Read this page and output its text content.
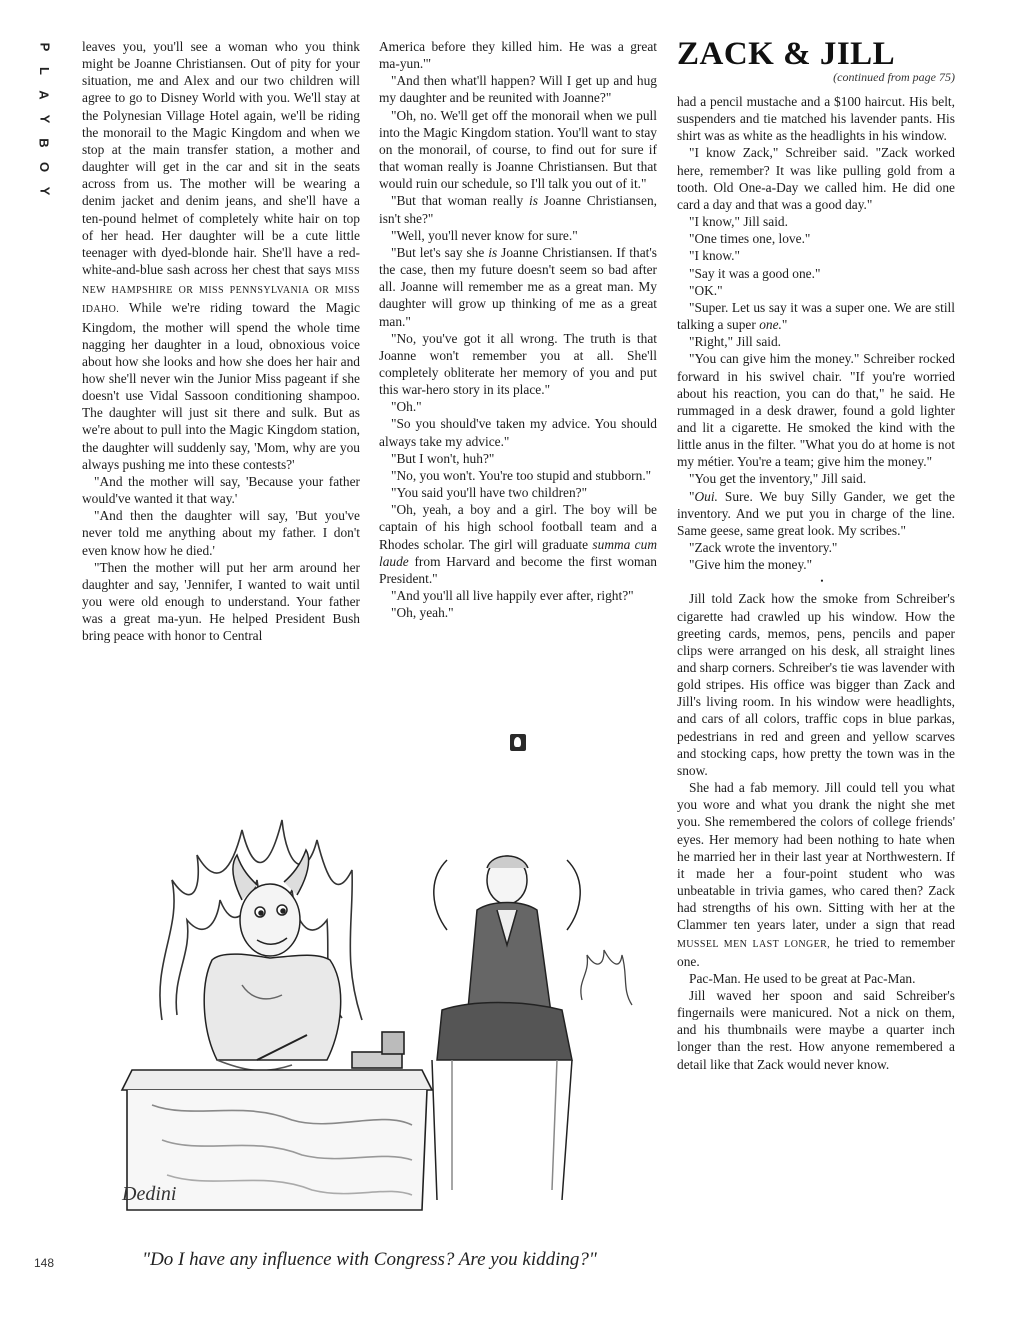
P
L
A
Y
B
O
Y

leaves you, you'll see a woman who you think might be Joanne Christiansen. Out of pity for your situation, me and Alex and our two children will agree to go to Disney World with you. We'll stay at the Polynesian Village Hotel again, we'll be riding the monorail to the Magic Kingdom and when we stop at the main transfer station, a mother and daughter will get in the car and sit in the seats across from us. The mother will be wearing a denim jacket and denim jeans, and she'll have a ten-pound helmet of completely white hair on top of her head. Her daughter will be a cute little teenager with dyed-blonde hair. She'll have a red-white-and-blue sash across her chest that says MISS NEW HAMPSHIRE OR MISS PENNSYLVANIA OR MISS IDAHO. While we're riding toward the Magic Kingdom, the mother will spend the whole time nagging her daughter in a loud, obnoxious voice about how she looks and how she does her hair and how she'll never win the Junior Miss pageant if she doesn't use Vidal Sassoon conditioning shampoo. The daughter will just sit there and sulk. But as we're about to pull into the Magic Kingdom station, the daughter will suddenly say, 'Mom, why are you always pushing me into these contests?'

"And the mother will say, 'Because your father would've wanted it that way.'

"And then the daughter will say, 'But you've never told me anything about my father. I don't even know how he died.'

"Then the mother will put her arm around her daughter and say, 'Jennifer, I wanted to wait until you were old enough to understand. Your father was a great ma-yun. He helped President Bush bring peace with honor to Central

America before they killed him. He was a great ma-yun.'"

"And then what'll happen? Will I get up and hug my daughter and be reunited with Joanne?"

"Oh, no. We'll get off the monorail when we pull into the Magic Kingdom station. You'll want to stay on the monorail, of course, to find out for sure if that woman really is Joanne Christiansen. But that would ruin our schedule, so I'll talk you out of it."

"But that woman really is Joanne Christiansen, isn't she?"

"Well, you'll never know for sure."

"But let's say she is Joanne Christiansen. If that's the case, then my future doesn't seem so bad after all. Joanne will remember me as a great man. My daughter will grow up thinking of me as a great man."

"No, you've got it all wrong. The truth is that Joanne won't remember you at all. She'll completely obliterate her memory of you and put this war-hero story in its place."

"Oh."

"So you should've taken my advice. You should always take my advice."

"But I won't, huh?"

"No, you won't. You're too stupid and stubborn."

"You said you'll have two children?"

"Oh, yeah, a boy and a girl. The boy will be captain of his high school football team and a Rhodes scholar. The girl will graduate summa cum laude from Harvard and become the first woman President."

"And you'll all live happily ever after, right?"

"Oh, yeah."

ZACK & JILL
(continued from page 75)

had a pencil mustache and a $100 haircut. His belt, suspenders and tie matched his lavender pants. His shirt was as white as the headlights in his window.

"I know Zack," Schreiber said. "Zack worked here, remember? It was like pulling gold from a tooth. Old One-a-Day we called him. He did one card a day and that was a good day."

"I know," Jill said.

"One times one, love."

"I know."

"Say it was a good one."

"OK."

"Super. Let us say it was a super one. We are still talking a super one."

"Right," Jill said.

"You can give him the money." Schreiber rocked forward in his swivel chair. "If you're worried about his reaction, you can do that," he said. He rummaged in a desk drawer, found a gold lighter and lit a cigarette. He smoked the kind with the little anus in the filter. "What you do at home is not my métier. You're a team; give him the money."

"You get the inventory," Jill said.

"Oui. Sure. We buy Silly Gander, we get the inventory. And we put you in charge of the line. Same geese, same great look. My scribes."

"Zack wrote the inventory."

"Give him the money."

•

Jill told Zack how the smoke from Schreiber's cigarette had crawled up his window. How the greeting cards, memos, pens, pencils and paper clips were arranged on his desk, all straight lines and sharp corners. Schreiber's tie was lavender with gold stripes. His office was bigger than Zack and Jill's living room. In his window were headlights, and cars of all colors, traffic cops in blue parkas, pedestrians in red and green and yellow scarves and stocking caps, how pretty the town was in the snow.

She had a fab memory. Jill could tell you what you wore and what you drank the night she met you. She remembered the colors of college friends' eyes. Her memory had been nothing to hate when he married her in their last year at Northwestern. If it made her a four-point student who was unbeatable in trivia games, who cared then? Zack had strengths of his own. Sitting with her at the Clammer ten years later, under a sign that read MUSSEL MEN LAST LONGER, he tried to remember one.

Pac-Man. He used to be great at Pac-Man.

Jill waved her spoon and said Schreiber's fingernails were manicured. Not a nick on them, and his thumbnails were maybe a quarter inch longer than the rest. How anyone remembered a detail like that Zack would never know.

Dedini
"Do I have any influence with Congress? Are you kidding?"
148
